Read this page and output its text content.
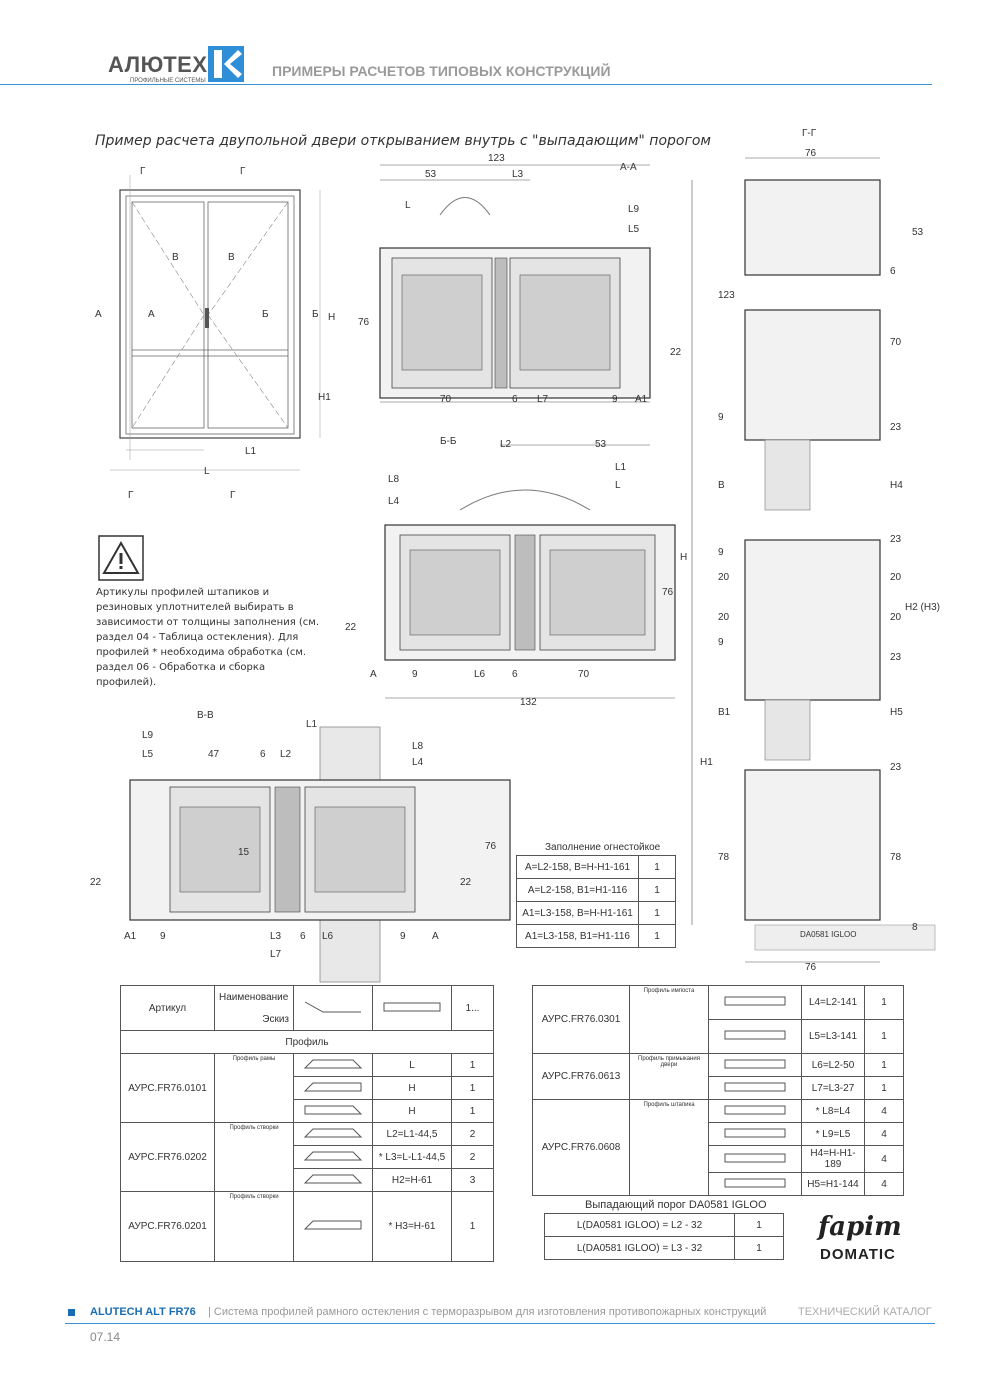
АЛЮТЕХ
ПРОФИЛЬНЫЕ СИСТЕМЫ
ПРИМЕРЫ РАСЧЕТОВ ТИПОВЫХ КОНСТРУКЦИЙ
Пример расчета двупольной двери открыванием внутрь с "выпадающим" порогом
Г	Г
Б	Б
В	В
A	A	H
H1
L1
L
Г	Г
А-А
123
53	L3
L	L9
L5
76
22
70	6 L7	9 A1
Б-Б	L2	53
L1
L
L8
L4
H
76
22
A	9	L6	6	70
132
Артикулы профилей штапиков и резиновых уплотнителей выбирать в зависимости от толщины заполнения (см. раздел 04 - Таблица остекления). Для профилей * необходима обработка (см. раздел 06 - Обработка и сборка профилей).
В-В
L1
L9
L5	47	6 L2
L8
L4
15
76
22	22
A1 9	L3 6 L6	9	A
L7
Заполнение огнестойкое
A=L2-158, B=H-H1-161	1
A=L2-158, B1=H1-116	1
A1=L3-158, B=H-H1-161	1
A1=L3-158, B1=H1-116	1
Г-Г
76
53
6
123
70
9
23
B	H4
9
23
20	20
20	20
H2 (H3)
9
23
B1	H5
H1	23
78	78
8
DA0581 IGLOO
76
Артикул	Наименование			1...
	Эскиз			
Профиль				
АУРС.FR76.0101	Профиль рамы		L	1
	H	1
	H	1
АУРС.FR76.0202	Профиль створки		L2=L1-44,5	2
	* L3=L-L1-44,5	2
	H2=H-61	3
АУРС.FR76.0201	Профиль створки		* H3=H-61	1
АУРС.FR76.0301	Профиль импоста		L4=L2-141	1
	L5=L3-141	1
АУРС.FR76.0613	Профиль примыкания двери		L6=L2-50	1
	L7=L3-27	1
АУРС.FR76.0608	Профиль штапика		* L8=L4	4
	* L9=L5	4
	H4=H-H1-189	4
	H5=H1-144	4
Выпадающий порог DA0581 IGLOO
L(DA0581 IGLOO) = L2 - 32	1
L(DA0581 IGLOO) = L3 - 32	1
fapim
DOMATIC
ALUTECH ALT FR76 | Система профилей рамного остекления с терморазрывом для изготовления противопожарных конструкций	ТЕХНИЧЕСКИЙ КАТАЛОГ
07.14
